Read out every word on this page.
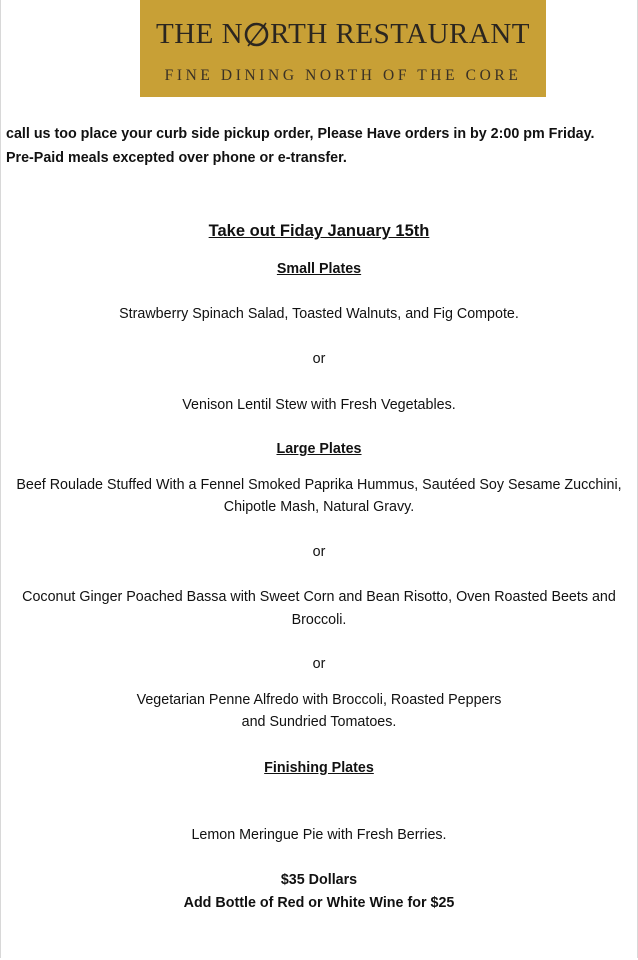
THE N RTH RESTAURANT
FINE DINING NORTH OF THE CORE
call us too place your curb side pickup order, Please Have orders in by 2:00 pm Friday.
Pre-Paid meals excepted over phone or e-transfer.
Take out Fiday January 15th
Small Plates
Strawberry Spinach Salad, Toasted Walnuts, and Fig Compote.
or
Venison Lentil Stew with Fresh Vegetables.
Large Plates
Beef Roulade Stuffed With a Fennel Smoked Paprika Hummus, Sautéed Soy Sesame Zucchini,
Chipotle Mash, Natural Gravy.
or
Coconut Ginger Poached Bassa with Sweet Corn and Bean Risotto, Oven Roasted Beets and
Broccoli.
or
Vegetarian Penne Alfredo with Broccoli, Roasted Peppers
and Sundried Tomatoes.
Finishing Plates
Lemon Meringue Pie with Fresh Berries.
$35 Dollars
Add Bottle of Red or White Wine for $25
